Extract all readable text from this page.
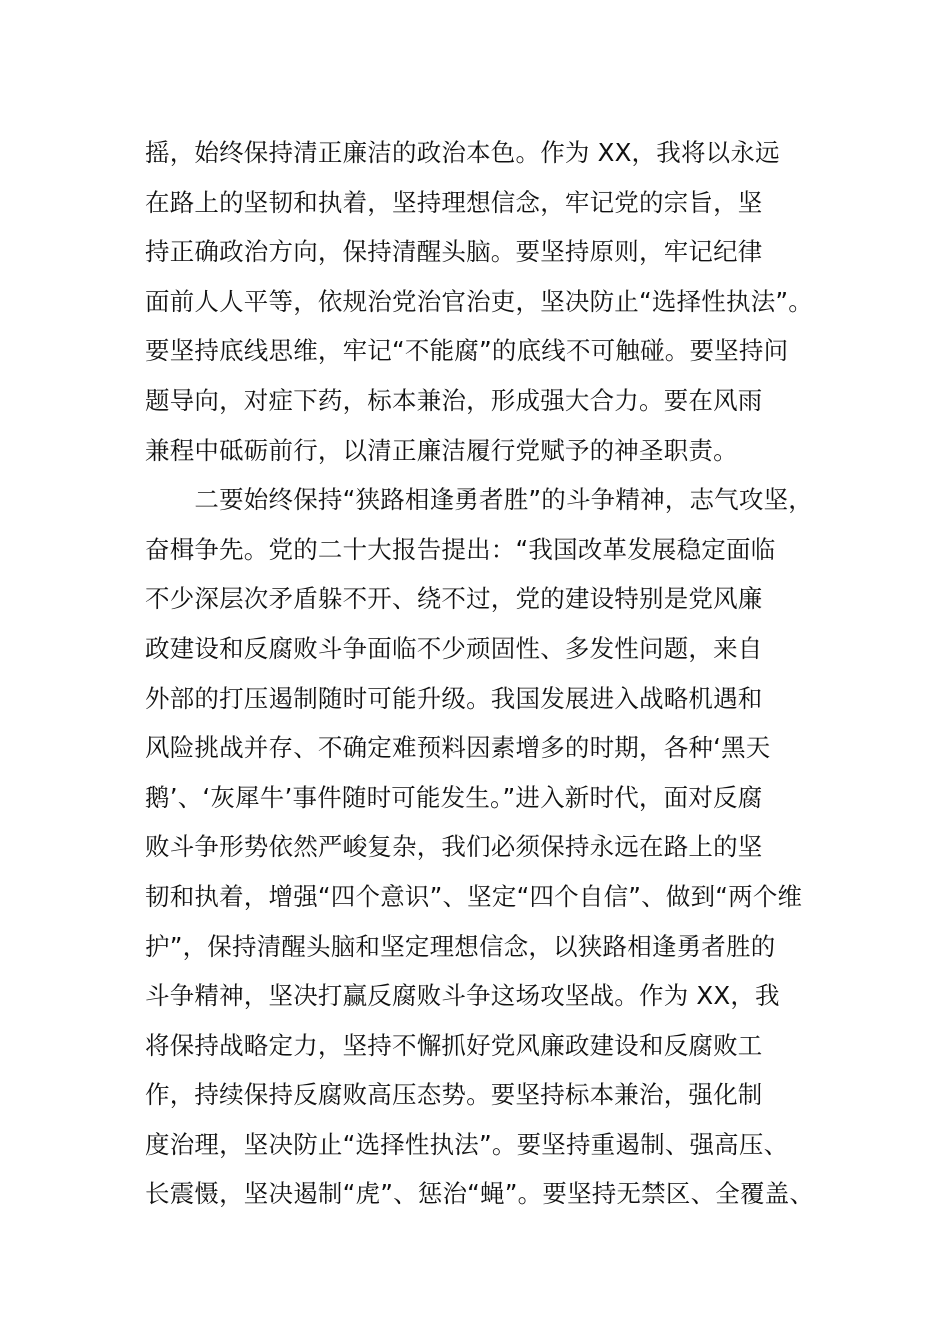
摇，始终保持清正廉洁的政治本色。作为 XX，我将以永远
在路上的坚韧和执着，坚持理想信念，牢记党的宗旨，坚
持正确政治方向，保持清醒头脑。要坚持原则，牢记纪律
面前人人平等，依规治党治官治吏，坚决防止“选择性执法”。
要坚持底线思维，牢记“不能腐”的底线不可触碰。要坚持问
题导向，对症下药，标本兼治，形成强大合力。要在风雨
兼程中砥砺前行，以清正廉洁履行党赋予的神圣职责。
　　二要始终保持“狭路相逢勇者胜”的斗争精神，志气攻坚，
奋楫争先。党的二十大报告提出：“我国改革发展稳定面临
不少深层次矛盾躲不开、绕不过，党的建设特别是党风廉
政建设和反腐败斗争面临不少顽固性、多发性问题，来自
外部的打压遏制随时可能升级。我国发展进入战略机遇和
风险挑战并存、不确定难预料因素增多的时期，各种‘黑天
鹅’、‘灰犀牛’事件随时可能发生。”进入新时代，面对反腐
败斗争形势依然严峻复杂，我们必须保持永远在路上的坚
韧和执着，增强“四个意识”、坚定“四个自信”、做到“两个维
护”，保持清醒头脑和坚定理想信念，以狭路相逢勇者胜的
斗争精神，坚决打赢反腐败斗争这场攻坚战。作为 XX，我
将保持战略定力，坚持不懈抓好党风廉政建设和反腐败工
作，持续保持反腐败高压态势。要坚持标本兼治，强化制
度治理，坚决防止“选择性执法”。要坚持重遏制、强高压、
长震慑，坚决遏制“虎”、惩治“蝇”。要坚持无禁区、全覆盖、
